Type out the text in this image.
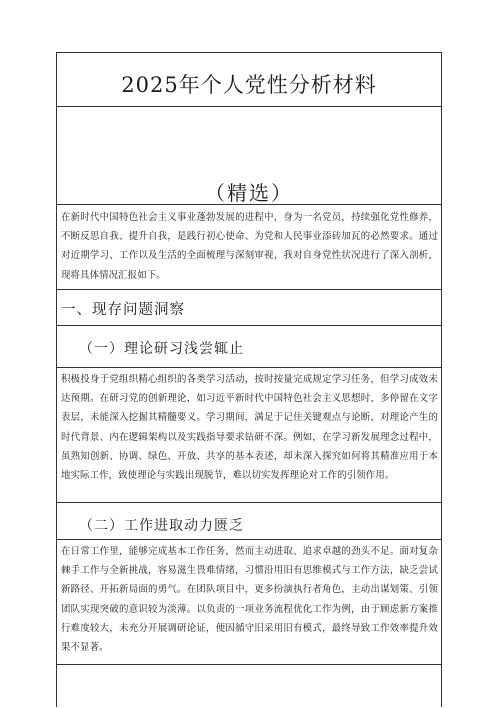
2025年个人党性分析材料
（精选）
在新时代中国特色社会主义事业蓬勃发展的进程中，身为一名党员，持续强化党性修养，不断反思自我、提升自我，是践行初心使命、为党和人民事业添砖加瓦的必然要求。通过对近期学习、工作以及生活的全面梳理与深刻审视，我对自身党性状况进行了深入剖析，现将具体情况汇报如下。
一、现存问题洞察
（一）理论研习浅尝辄止
积极投身于党组织精心组织的各类学习活动，按时按量完成规定学习任务，但学习成效未达预期。在研习党的创新理论，如习近平新时代中国特色社会主义思想时，多停留在文字表层，未能深入挖掘其精髓要义。学习期间，满足于记住关键观点与论断，对理论产生的时代背景、内在逻辑架构以及实践指导要求钻研不深。例如，在学习新发展理念过程中，虽熟知创新、协调、绿色、开放、共享的基本表述，却未深入探究如何将其精准应用于本地实际工作，致使理论与实践出现脱节，难以切实发挥理论对工作的引领作用。
（二）工作进取动力匮乏
在日常工作里，能够完成基本工作任务，然而主动进取、追求卓越的劲头不足。面对复杂棘手工作与全新挑战，容易滋生畏难情绪，习惯沿用旧有思维模式与工作方法，缺乏尝试新路径、开拓新局面的勇气。在团队项目中，更多扮演执行者角色，主动出谋划策、引领团队实现突破的意识较为淡薄。以负责的一项业务流程优化工作为例，由于顾虑新方案推行难度较大，未充分开展调研论证，便因循守旧采用旧有模式，最终导致工作效率提升效果不显著。
